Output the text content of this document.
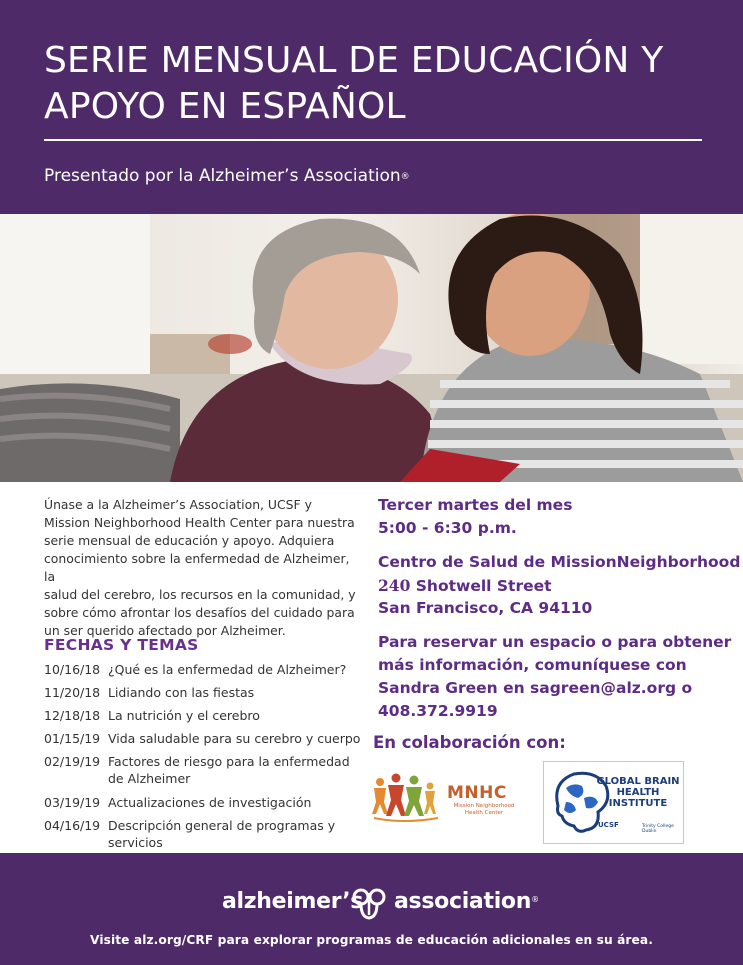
SERIE MENSUAL DE EDUCACIÓN Y
APOYO EN ESPAÑOL
Presentado por la Alzheimer’s Association®
Únase a la Alzheimer’s Association, UCSF y
Mission Neighborhood Health Center para nuestra
serie mensual de educación y apoyo. Adquiera
conocimiento sobre la enfermedad de Alzheimer, la
salud del cerebro, los recursos en la comunidad, y
sobre cómo afrontar los desafíos del cuidado para
un ser querido afectado por Alzheimer.
FECHAS Y TEMAS
10/16/18 ¿Qué es la enfermedad de Alzheimer?
11/20/18 Lidiando con las fiestas
12/18/18 La nutrición y el cerebro
01/15/19 Vida saludable para su cerebro y cuerpo
02/19/19 Factores de riesgo para la enfermedad de Alzheimer
03/19/19 Actualizaciones de investigación
04/16/19 Descripción general de programas y servicios
Tercer martes del mes
5:00 - 6:30 p.m.
Centro de Salud de MissionNeighborhood
240 Shotwell Street
San Francisco, CA 94110
Para reservar un espacio o para obtener
más información, comuníquese con
Sandra Green en sagreen@alz.org o
408.372.9919
En colaboración con:
MNHC
Mission Neighborhood
Health Center
GLOBAL BRAIN
HEALTH INSTITUTE
UCSF	Trinity College Dublin
alzheimer’s association®
Visite alz.org/CRF para explorar programas de educación adicionales en su área.
